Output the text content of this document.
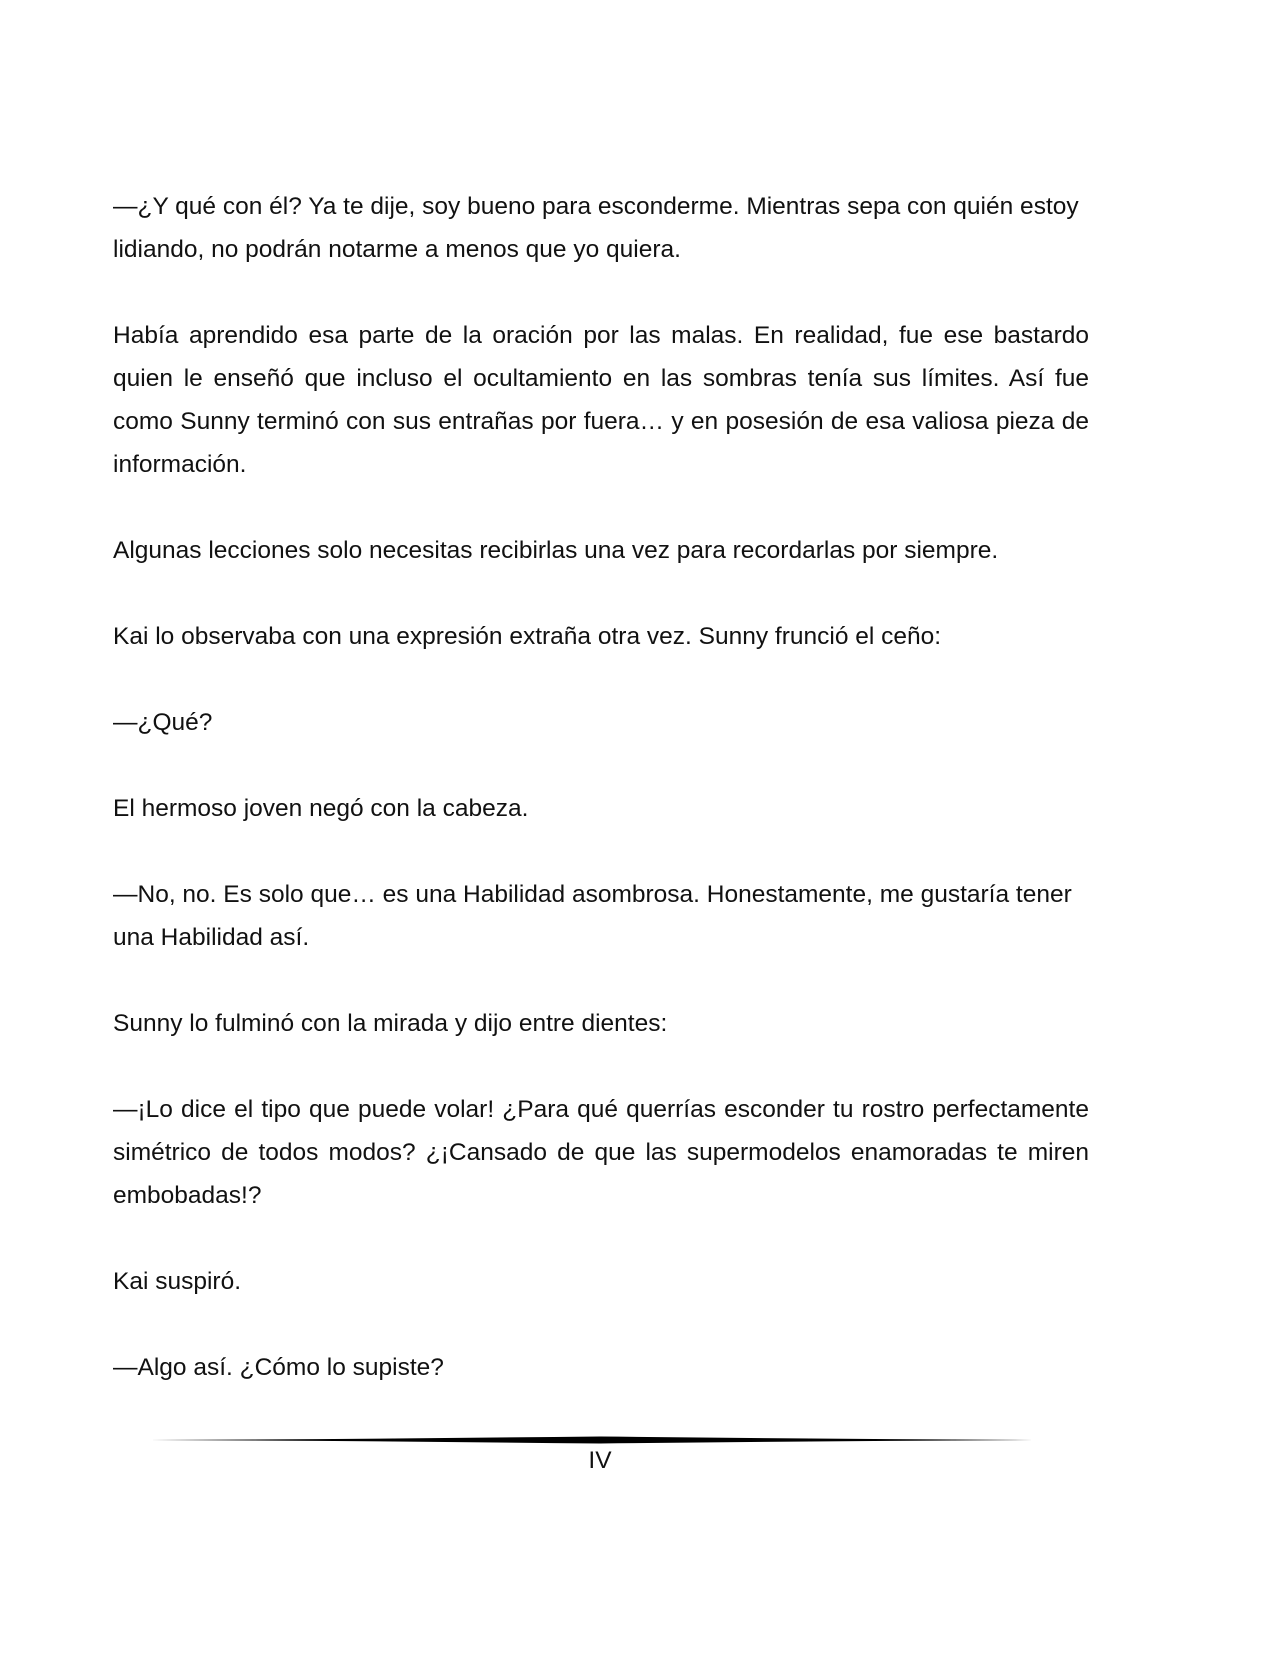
—¿Y qué con él? Ya te dije, soy bueno para esconderme. Mientras sepa con quién estoy lidiando, no podrán notarme a menos que yo quiera.

Había aprendido esa parte de la oración por las malas. En realidad, fue ese bastardo quien le enseñó que incluso el ocultamiento en las sombras tenía sus límites. Así fue como Sunny terminó con sus entrañas por fuera… y en posesión de esa valiosa pieza de información.

Algunas lecciones solo necesitas recibirlas una vez para recordarlas por siempre.

Kai lo observaba con una expresión extraña otra vez. Sunny frunció el ceño:

—¿Qué?

El hermoso joven negó con la cabeza.

—No, no. Es solo que… es una Habilidad asombrosa. Honestamente, me gustaría tener una Habilidad así.

Sunny lo fulminó con la mirada y dijo entre dientes:

—¡Lo dice el tipo que puede volar! ¿Para qué querrías esconder tu rostro perfectamente simétrico de todos modos? ¿¡Cansado de que las supermodelos enamoradas te miren embobadas!?

Kai suspiró.

—Algo así. ¿Cómo lo supiste?

IV
